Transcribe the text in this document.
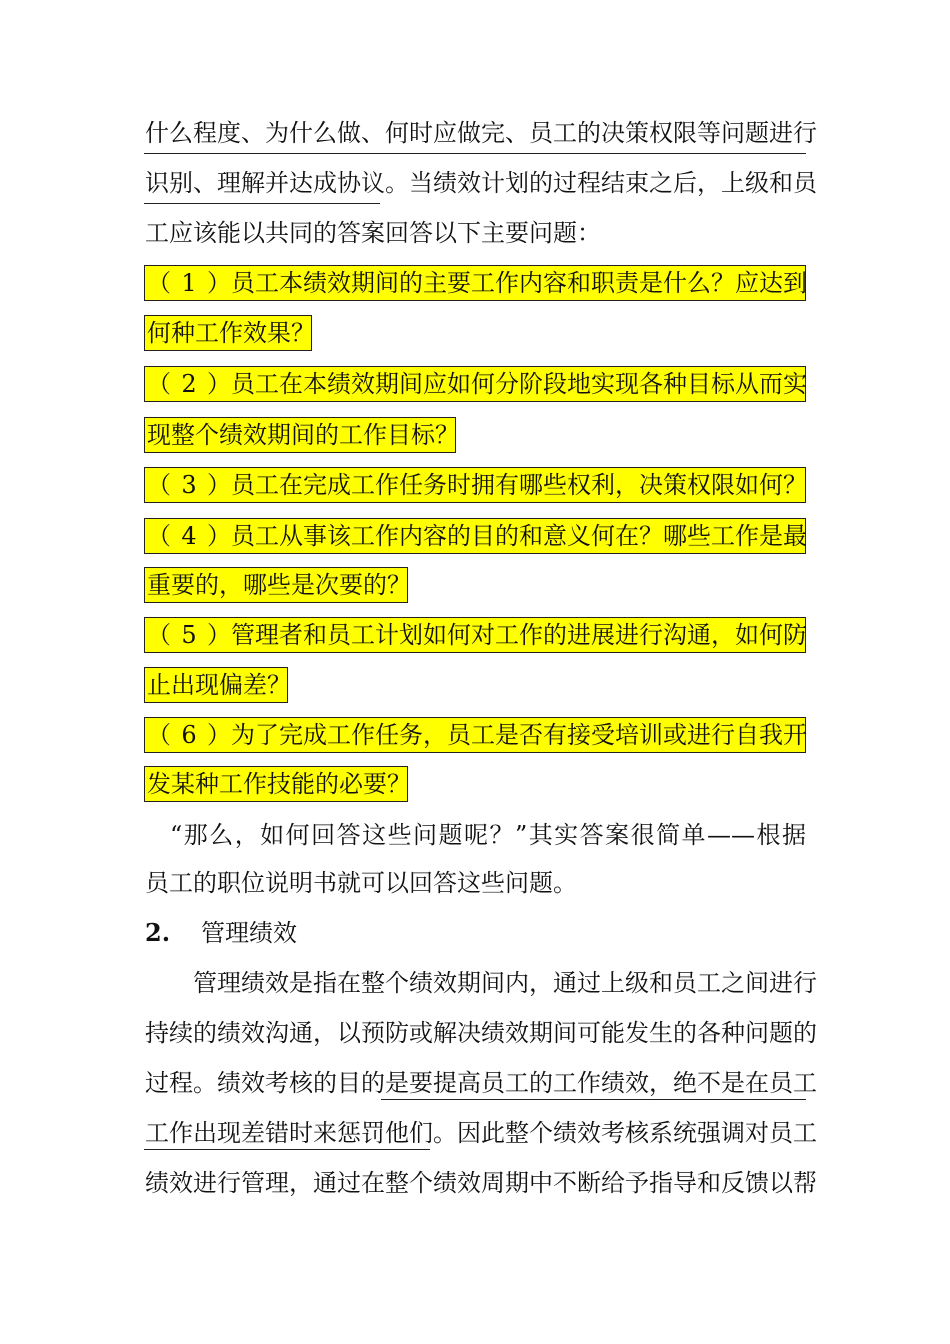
什么程度、为什么做、何时应做完、员工的决策权限等问题进行
识别、理解并达成协议。当绩效计划的过程结束之后，上级和员
工应该能以共同的答案回答以下主要问题：
（1）员工本绩效期间的主要工作内容和职责是什么？应达到
何种工作效果？
（2）员工在本绩效期间应如何分阶段地实现各种目标从而实
现整个绩效期间的工作目标？
（3）员工在完成工作任务时拥有哪些权利，决策权限如何？
（4）员工从事该工作内容的目的和意义何在？哪些工作是最
重要的，哪些是次要的？
（5）管理者和员工计划如何对工作的进展进行沟通，如何防
止出现偏差？
（6）为了完成工作任务，员工是否有接受培训或进行自我开
发某种工作技能的必要？
“那么，如何回答这些问题呢？”其实答案很简单——根据
员工的职位说明书就可以回答这些问题。
2. 管理绩效
管理绩效是指在整个绩效期间内，通过上级和员工之间进行
持续的绩效沟通，以预防或解决绩效期间可能发生的各种问题的
过程。绩效考核的目的是要提高员工的工作绩效，绝不是在员工
工作出现差错时来惩罚他们。因此整个绩效考核系统强调对员工
绩效进行管理，通过在整个绩效周期中不断给予指导和反馈以帮
